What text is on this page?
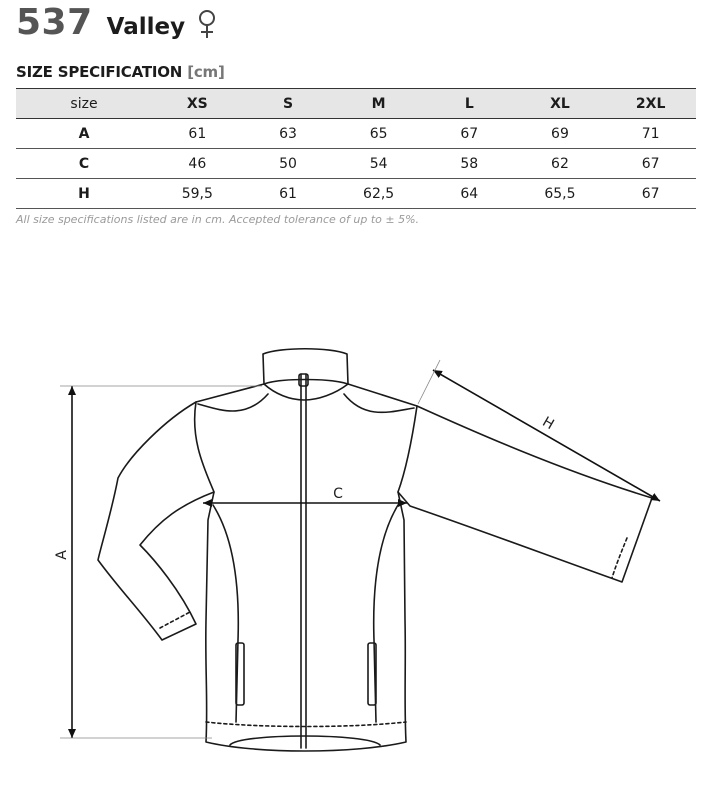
537 Valley
SIZE SPECIFICATION [cm]
size	XS	S	M	L	XL	2XL
A	61	63	65	67	69	71
C	46	50	54	58	62	67
H	59,5	61	62,5	64	65,5	67
All size specifications listed are in cm. Accepted tolerance of up to ± 5%.
A
C
H
